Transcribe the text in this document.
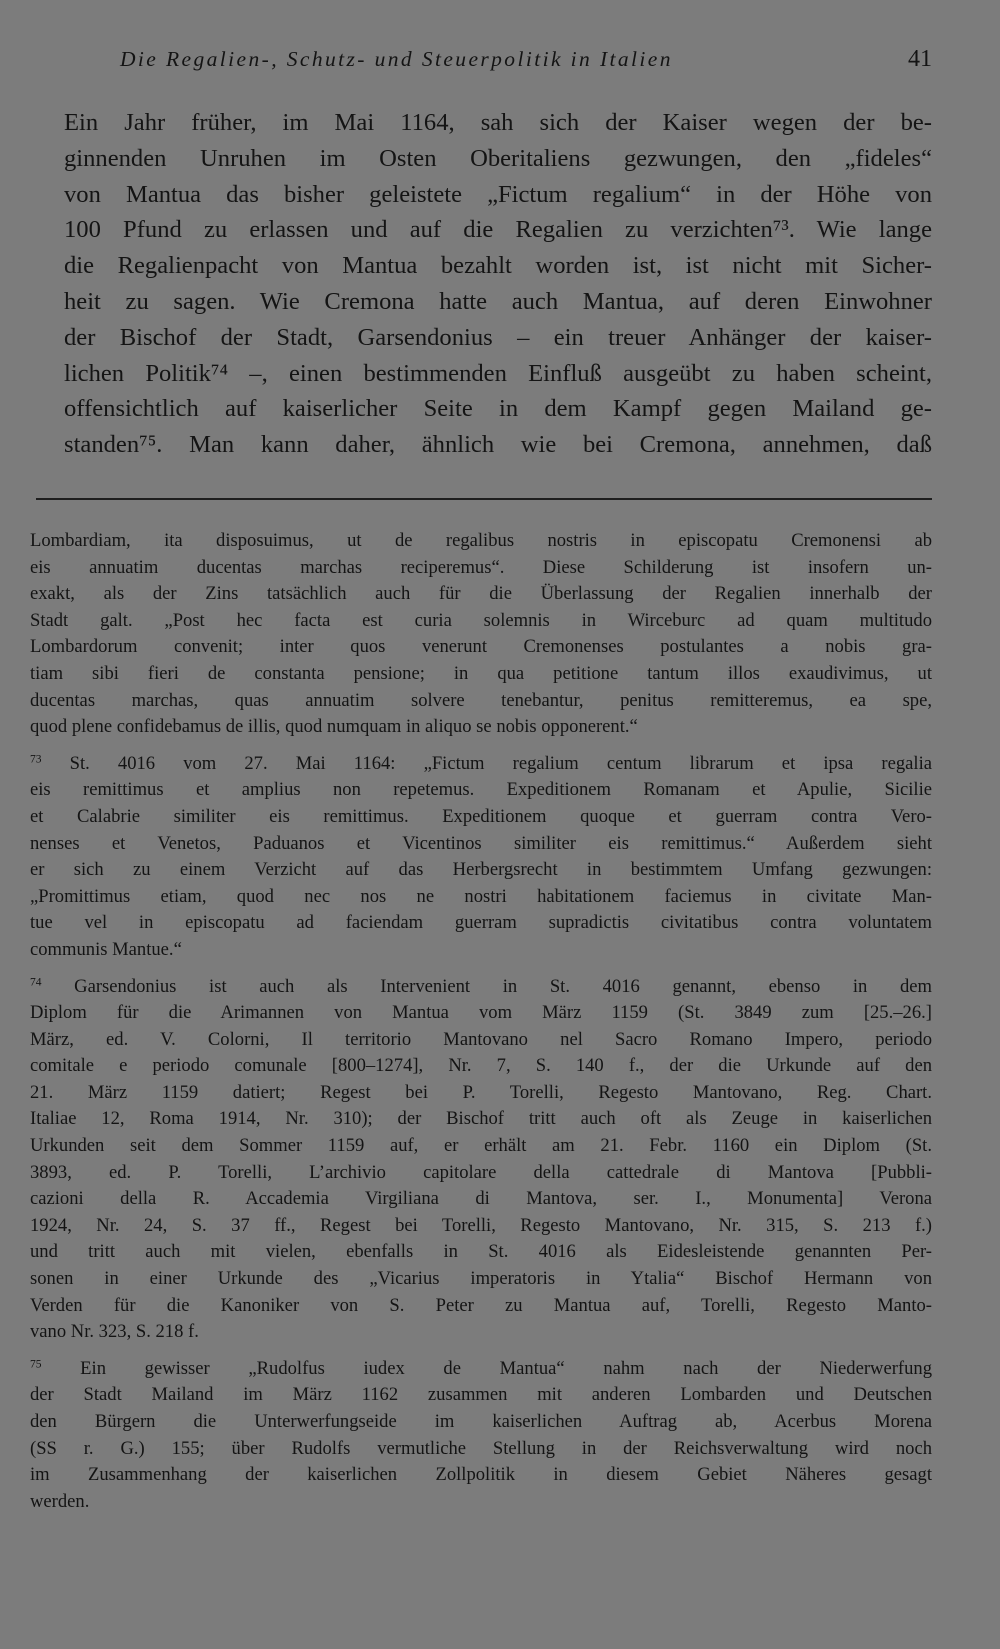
Die Regalien-, Schutz- und Steuerpolitik in Italien	41
Ein Jahr früher, im Mai 1164, sah sich der Kaiser wegen der be-
ginnenden Unruhen im Osten Oberitaliens gezwungen, den „fideles“
von Mantua das bisher geleistete „Fictum regalium“ in der Höhe von
100 Pfund zu erlassen und auf die Regalien zu verzichten⁷³. Wie lange
die Regalienpacht von Mantua bezahlt worden ist, ist nicht mit Sicher-
heit zu sagen. Wie Cremona hatte auch Mantua, auf deren Einwohner
der Bischof der Stadt, Garsendonius – ein treuer Anhänger der kaiser-
lichen Politik⁷⁴ –, einen bestimmenden Einfluß ausgeübt zu haben scheint,
offensichtlich auf kaiserlicher Seite in dem Kampf gegen Mailand ge-
standen⁷⁵. Man kann daher, ähnlich wie bei Cremona, annehmen, daß
Lombardiam, ita disposuimus, ut de regalibus nostris in episcopatu Cremonensi ab
eis annuatim ducentas marchas reciperemus“. Diese Schilderung ist insofern un-
exakt, als der Zins tatsächlich auch für die Überlassung der Regalien innerhalb der
Stadt galt. „Post hec facta est curia solemnis in Wirceburc ad quam multitudo
Lombardorum convenit; inter quos venerunt Cremonenses postulantes a nobis gra-
tiam sibi fieri de constanta pensione; in qua petitione tantum illos exaudivimus, ut
ducentas marchas, quas annuatim solvere tenebantur, penitus remitteremus, ea spe,
quod plene confidebamus de illis, quod numquam in aliquo se nobis opponerent.“
$^{73}$ St. 4016 vom 27. Mai 1164: „Fictum regalium centum librarum et ipsa regalia
eis remittimus et amplius non repetemus. Expeditionem Romanam et Apulie, Sicilie
et Calabrie similiter eis remittimus. Expeditionem quoque et guerram contra Vero-
nenses et Venetos, Paduanos et Vicentinos similiter eis remittimus.“ Außerdem sieht
er sich zu einem Verzicht auf das Herbergsrecht in bestimmtem Umfang gezwungen:
„Promittimus etiam, quod nec nos ne nostri habitationem faciemus in civitate Man-
tue vel in episcopatu ad faciendam guerram supradictis civitatibus contra voluntatem
communis Mantue.“
$^{74}$ Garsendonius ist auch als Intervenient in St. 4016 genannt, ebenso in dem
Diplom für die Arimannen von Mantua vom März 1159 (St. 3849 zum [25.–26.]
März, ed. V. Colorni, Il territorio Mantovano nel Sacro Romano Impero, periodo
comitale e periodo comunale [800–1274], Nr. 7, S. 140 f., der die Urkunde auf den
21. März 1159 datiert; Regest bei P. Torelli, Regesto Mantovano, Reg. Chart.
Italiae 12, Roma 1914, Nr. 310); der Bischof tritt auch oft als Zeuge in kaiserlichen
Urkunden seit dem Sommer 1159 auf, er erhält am 21. Febr. 1160 ein Diplom (St.
3893, ed. P. Torelli, L’archivio capitolare della cattedrale di Mantova [Pubbli-
cazioni della R. Accademia Virgiliana di Mantova, ser. I., Monumenta] Verona
1924, Nr. 24, S. 37 ff., Regest bei Torelli, Regesto Mantovano, Nr. 315, S. 213 f.)
und tritt auch mit vielen, ebenfalls in St. 4016 als Eidesleistende genannten Per-
sonen in einer Urkunde des „Vicarius imperatoris in Ytalia“ Bischof Hermann von
Verden für die Kanoniker von S. Peter zu Mantua auf, Torelli, Regesto Manto-
vano Nr. 323, S. 218 f.
$^{75}$ Ein gewisser „Rudolfus iudex de Mantua“ nahm nach der Niederwerfung
der Stadt Mailand im März 1162 zusammen mit anderen Lombarden und Deutschen
den Bürgern die Unterwerfungseide im kaiserlichen Auftrag ab, Acerbus Morena
(SS r. G.) 155; über Rudolfs vermutliche Stellung in der Reichsverwaltung wird noch
im Zusammenhang der kaiserlichen Zollpolitik in diesem Gebiet Näheres gesagt
werden.
